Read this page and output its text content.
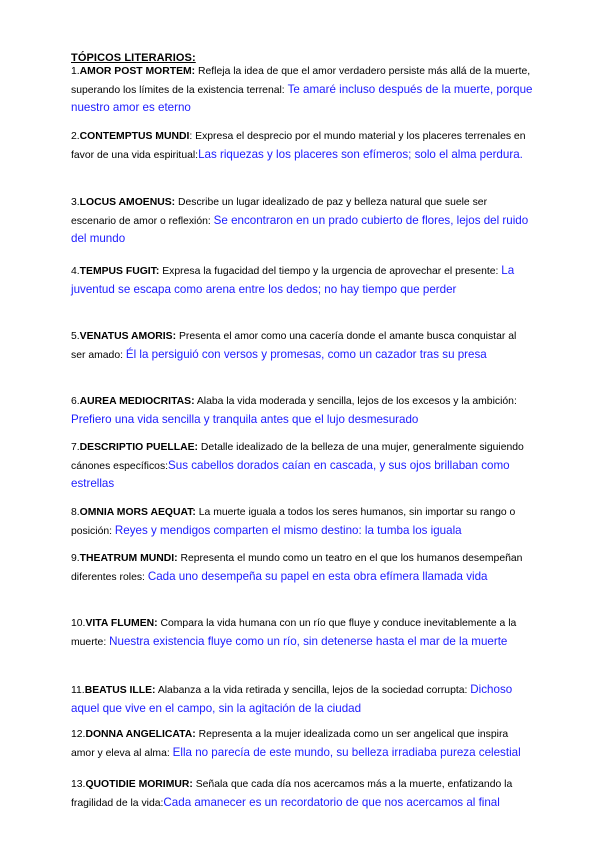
TÓPICOS LITERARIOS:
1.AMOR POST MORTEM: Refleja la idea de que el amor verdadero persiste más allá de la muerte, superando los límites de la existencia terrenal: Te amaré incluso después de la muerte, porque nuestro amor es eterno
2.CONTEMPTUS MUNDI: Expresa el desprecio por el mundo material y los placeres terrenales en favor de una vida espiritual:Las riquezas y los placeres son efímeros; solo el alma perdura.
3.LOCUS AMOENUS: Describe un lugar idealizado de paz y belleza natural que suele ser escenario de amor o reflexión: Se encontraron en un prado cubierto de flores, lejos del ruido del mundo
4.TEMPUS FUGIT: Expresa la fugacidad del tiempo y la urgencia de aprovechar el presente: La juventud se escapa como arena entre los dedos; no hay tiempo que perder
5.VENATUS AMORIS: Presenta el amor como una cacería donde el amante busca conquistar al ser amado: Él la persiguió con versos y promesas, como un cazador tras su presa
6.AUREA MEDIOCRITAS: Alaba la vida moderada y sencilla, lejos de los excesos y la ambición: Prefiero una vida sencilla y tranquila antes que el lujo desmesurado
7.DESCRIPTIO PUELLAE: Detalle idealizado de la belleza de una mujer, generalmente siguiendo cánones específicos:Sus cabellos dorados caían en cascada, y sus ojos brillaban como estrellas
8.OMNIA MORS AEQUAT: La muerte iguala a todos los seres humanos, sin importar su rango o posición: Reyes y mendigos comparten el mismo destino: la tumba los iguala
9.THEATRUM MUNDI: Representa el mundo como un teatro en el que los humanos desempeñan diferentes roles: Cada uno desempeña su papel en esta obra efímera llamada vida
10.VITA FLUMEN: Compara la vida humana con un río que fluye y conduce inevitablemente a la muerte: Nuestra existencia fluye como un río, sin detenerse hasta el mar de la muerte
11.BEATUS ILLE: Alabanza a la vida retirada y sencilla, lejos de la sociedad corrupta: Dichoso aquel que vive en el campo, sin la agitación de la ciudad
12.DONNA ANGELICATA: Representa a la mujer idealizada como un ser angelical que inspira amor y eleva al alma: Ella no parecía de este mundo, su belleza irradiaba pureza celestial
13.QUOTIDIE MORIMUR: Señala que cada día nos acercamos más a la muerte, enfatizando la fragilidad de la vida:Cada amanecer es un recordatorio de que nos acercamos al final
